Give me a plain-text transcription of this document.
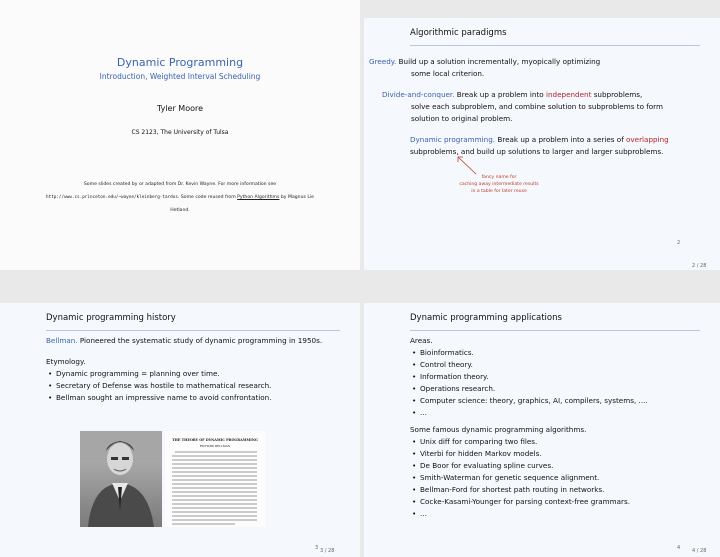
Dynamic Programming
Introduction, Weighted Interval Scheduling
Tyler Moore
CS 2123, The University of Tulsa
Some slides created by or adapted from Dr. Kevin Wayne. For more information see
http://www.cs.princeton.edu/~wayne/kleinberg-tardos. Some code reused from Python Algorithms by Magnus Lie
Hetland.
Algorithmic paradigms
Greedy. Build up a solution incrementally, myopically optimizing
some local criterion.
Divide-and-conquer. Break up a problem into independent subproblems,
solve each subproblem, and combine solution to subproblems to form
solution to original problem.
Dynamic programming. Break up a problem into a series of overlapping
subproblems, and build up solutions to larger and larger subproblems.
fancy name for
caching away intermediate results
in a table for later reuse
2
2 / 28
Dynamic programming history
Bellman. Pioneered the systematic study of dynamic programming in 1950s.
Etymology.
• Dynamic programming = planning over time.
• Secretary of Defense was hostile to mathematical research.
• Bellman sought an impressive name to avoid confrontation.
THE THEORY OF DYNAMIC PROGRAMMING
RICHARD BELLMAN
3 3 / 28
Dynamic programming applications
Areas.
• Bioinformatics.
• Control theory.
• Information theory.
• Operations research.
• Computer science: theory, graphics, AI, compilers, systems, ....
• ...
Some famous dynamic programming algorithms.
• Unix diff for comparing two files.
• Viterbi for hidden Markov models.
• De Boor for evaluating spline curves.
• Smith-Waterman for genetic sequence alignment.
• Bellman-Ford for shortest path routing in networks.
• Cocke-Kasami-Younger for parsing context-free grammars.
• ...
4 4 / 28
